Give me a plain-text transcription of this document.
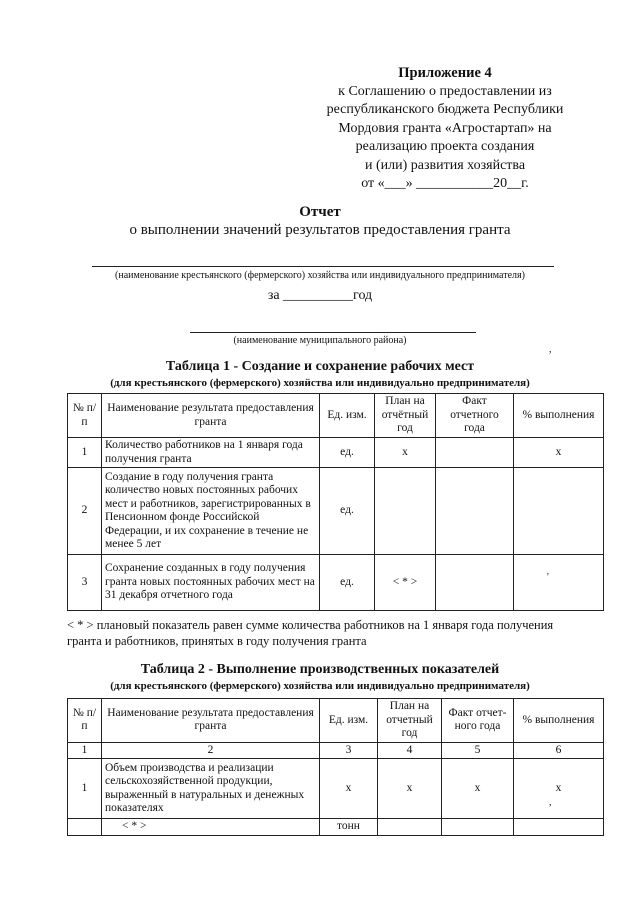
Приложение 4
к Соглашению о предоставлении из
республиканского бюджета Республики
Мордовия гранта «Агростартап» на
реализацию проекта создания
и (или) развития хозяйства
от «___» ___________20__г.
Отчет
о выполнении значений результатов предоставления гранта
(наименование крестьянского (фермерского) хозяйства или индивидуального предпринимателя)
за __________год
(наименование муниципального района)
,
Таблица 1 - Создание и сохранение рабочих мест
(для крестьянского (фермерского) хозяйства или индивидуально предпринимателя)
№ п/п	Наименование результата предоставления гранта	Ед. изм.	План на отчётный год	Факт отчетного года	% выполнения
1	Количество работников на 1 января года получения гранта	ед.	x		x
2	Создание в году получения гранта количество новых постоянных рабочих мест и работников, зарегистрированных в Пенсионном фонде Российской Федерации, и их сохранение в течение не менее 5 лет	ед.			
3	Сохранение созданных в году получения гранта новых постоянных рабочих мест на 31 декабря отчетного года	ед.	< * >			'
< * > плановый показатель равен сумме количества работников на 1 января года получения гранта и работников, принятых в году получения гранта
Таблица 2 - Выполнение производственных показателей
(для крестьянского (фермерского) хозяйства или индивидуально предпринимателя)
№ п/п	Наименование результата предоставления гранта	Ед. изм.	План на отчетный год	Факт отчет-ного года	% выполнения
1	2	3	4	5	6
1	Объем производства и реализации сельскохозяйственной продукции, выраженный в натуральных и денежных показателях	x	x	x	x
	< * >	тонн			
,
